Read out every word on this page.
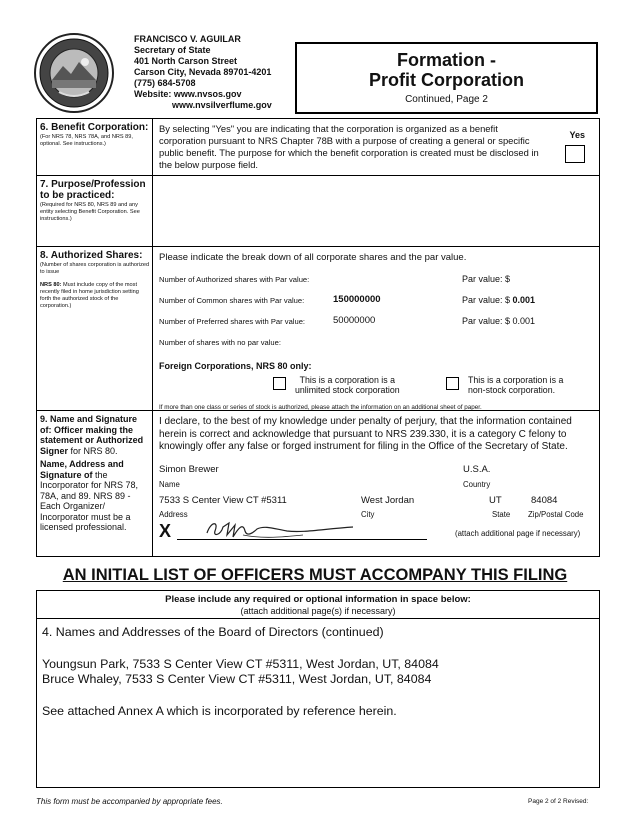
FRANCISCO V. AGUILAR
Secretary of State
401 North Carson Street
Carson City, Nevada 89701-4201
(775) 684-5708
Website: www.nvsos.gov
www.nvsilverflume.gov
Formation -
Profit Corporation
Continued, Page 2
6. Benefit Corporation:
(For NRS 78, NRS 78A, and NRS 89, optional. See instructions.)
By selecting "Yes" you are indicating that the corporation is organized as a benefit corporation pursuant to NRS Chapter 78B with a purpose of creating a general or specific public benefit. The purpose for which the benefit corporation is created must be disclosed in the below purpose field.
Yes
7. Purpose/Profession to be practiced:
(Required for NRS 80, NRS 89 and any entity selecting Benefit Corporation. See instructions.)
8. Authorized Shares:
(Number of shares corporation is authorized to issue
NRS 80: Must include copy of the most recently filed in home jurisdiction setting forth the authorized stock of the corporation.)
Please indicate the break down of all corporate shares and the par value.
Number of Authorized shares with Par value:	Par value: $
Number of Common shares with Par value:	150000000	Par value: $ 0.001
Number of Preferred shares with Par value:	50000000	Par value: $ 0.001
Number of shares with no par value:
Foreign Corporations, NRS 80 only:
This is a corporation is a
unlimited stock corporation
This is a corporation is a
non-stock corporation.
If more than one class or series of stock is authorized, please attach the information on an additional sheet of paper.
9. Name and Signature of: Officer making the statement or Authorized Signer for NRS 80.
Name, Address and Signature of the Incorporator for NRS 78, 78A, and 89. NRS 89 - Each Organizer/ Incorporator must be a licensed professional.
I declare, to the best of my knowledge under penalty of perjury, that the information contained herein is correct and acknowledge that pursuant to NRS 239.330, it is a category C felony to knowingly offer any false or forged instrument for filing in the Office of the Secretary of State.
Simon Brewer	U.S.A.
Name	Country
7533 S Center View CT #5311	West Jordan	UT	84084
Address	City	State Zip/Postal Code
X	(attach additional page if necessary)
AN INITIAL LIST OF OFFICERS MUST ACCOMPANY THIS FILING
Please include any required or optional information in space below:
(attach additional page(s) if necessary)
4. Names and Addresses of the Board of Directors (continued)
Youngsun Park, 7533 S Center View CT #5311, West Jordan, UT, 84084
Bruce Whaley, 7533 S Center View CT #5311, West Jordan, UT, 84084
See attached Annex A which is incorporated by reference herein.
This form must be accompanied by appropriate fees.	Page 2 of 2 Revised:
